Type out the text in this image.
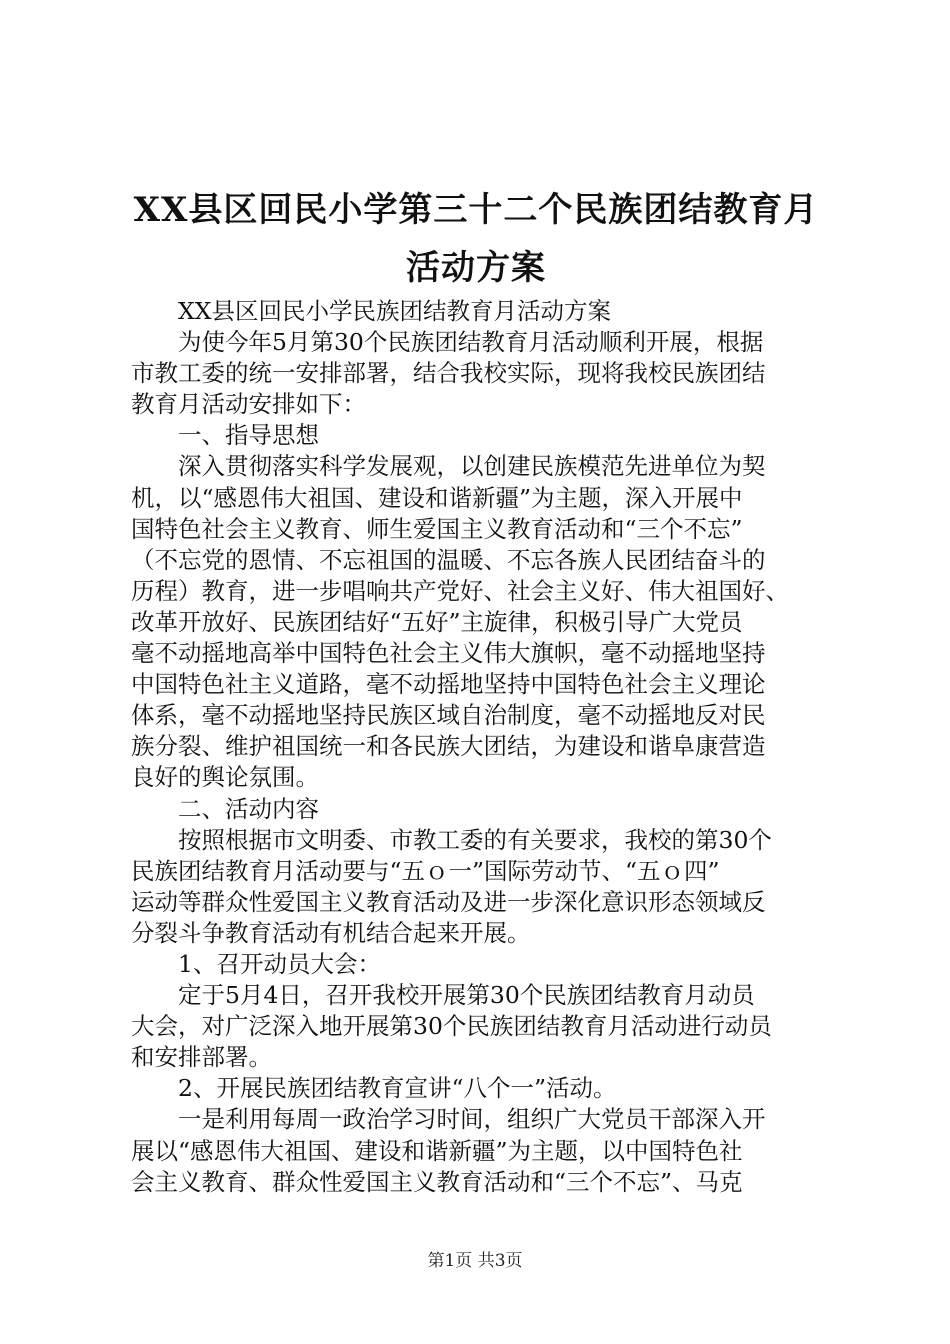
XX县区回民小学第三十二个民族团结教育月
活动方案

XX县区回民小学民族团结教育月活动方案

为使今年5月第30个民族团结教育月活动顺利开展，根据

市教工委的统一安排部署，结合我校实际，现将我校民族团结

教育月活动安排如下：

一、指导思想

深入贯彻落实科学发展观，以创建民族模范先进单位为契

机，以“感恩伟大祖国、建设和谐新疆”为主题，深入开展中

国特色社会主义教育、师生爱国主义教育活动和“三个不忘”

（不忘党的恩情、不忘祖国的温暖、不忘各族人民团结奋斗的

历程）教育，进一步唱响共产党好、社会主义好、伟大祖国好、

改革开放好、民族团结好“五好”主旋律，积极引导广大党员

毫不动摇地高举中国特色社会主义伟大旗帜，毫不动摇地坚持

中国特色社主义道路，毫不动摇地坚持中国特色社会主义理论

体系，毫不动摇地坚持民族区域自治制度，毫不动摇地反对民

族分裂、维护祖国统一和各民族大团结，为建设和谐阜康营造

良好的舆论氛围。

二、活动内容

按照根据市文明委、市教工委的有关要求，我校的第30个

民族团结教育月活动要与“五ｏ一”国际劳动节、“五ｏ四”

运动等群众性爱国主义教育活动及进一步深化意识形态领域反

分裂斗争教育活动有机结合起来开展。

1、召开动员大会：

定于5月4日，召开我校开展第30个民族团结教育月动员

大会，对广泛深入地开展第30个民族团结教育月活动进行动员

和安排部署。

2、开展民族团结教育宣讲“八个一”活动。

一是利用每周一政治学习时间，组织广大党员干部深入开

展以“感恩伟大祖国、建设和谐新疆”为主题，以中国特色社

会主义教育、群众性爱国主义教育活动和“三个不忘”、马克

第1页 共3页
